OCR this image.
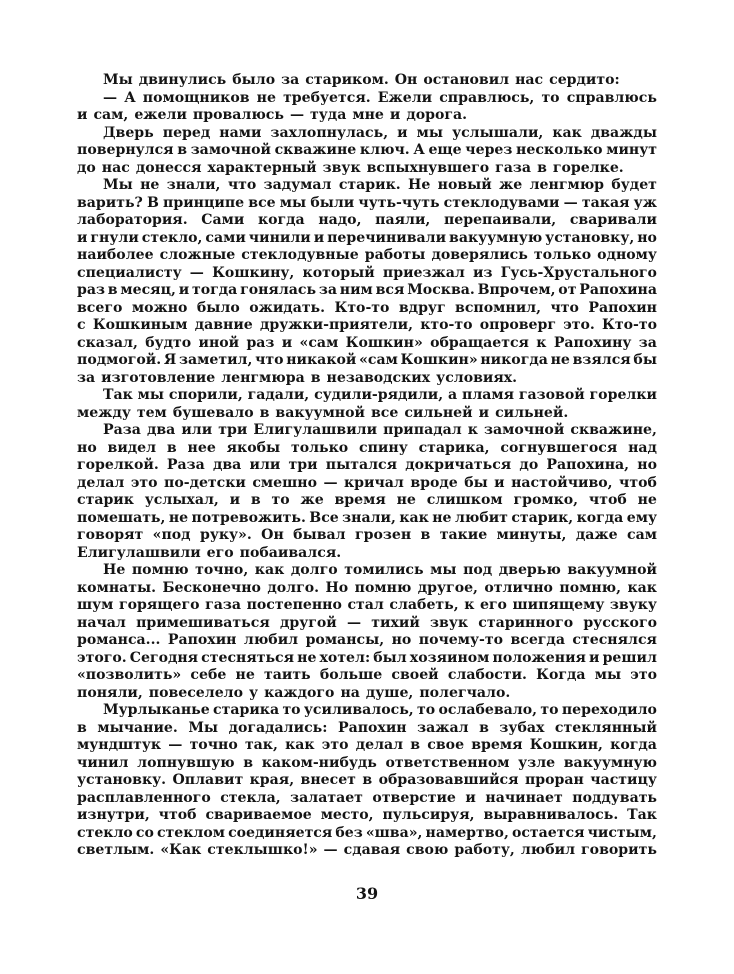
Мы двинулись было за стариком. Он остановил нас сердито:
— А помощников не требуется. Ежели справлюсь, то справлюсь
и сам, ежели провалюсь — туда мне и дорога.
Дверь перед нами захлопнулась, и мы услышали, как дважды
повернулся в замочной скважине ключ. А еще через несколько минут
до нас донесся характерный звук вспыхнувшего газа в горелке.
Мы не знали, что задумал старик. Не новый же ленгмюр будет
варить? В принципе все мы были чуть-чуть стеклодувами — такая уж
лаборатория. Сами когда надо, паяли, перепаивали, сваривали
и гнули стекло, сами чинили и перечинивали вакуумную установку, но
наиболее сложные стеклодувные работы доверялись только одному
специалисту — Кошкину, который приезжал из Гусь-Хрустального
раз в месяц, и тогда гонялась за ним вся Москва. Впрочем, от Рапохина
всего можно было ожидать. Кто-то вдруг вспомнил, что Рапохин
с Кошкиным давние дружки-приятели, кто-то опроверг это. Кто-то
сказал, будто иной раз и «сам Кошкин» обращается к Рапохину за
подмогой. Я заметил, что никакой «сам Кошкин» никогда не взялся бы
за изготовление ленгмюра в незаводских условиях.
Так мы спорили, гадали, судили-рядили, а пламя газовой горелки
между тем бушевало в вакуумной все сильней и сильней.
Раза два или три Елигулашвили припадал к замочной скважине,
но видел в нее якобы только спину старика, согнувшегося над
горелкой. Раза два или три пытался докричаться до Рапохина, но
делал это по-детски смешно — кричал вроде бы и настойчиво, чтоб
старик услыхал, и в то же время не слишком громко, чтоб не
помешать, не потревожить. Все знали, как не любит старик, когда ему
говорят «под руку». Он бывал грозен в такие минуты, даже сам
Елигулашвили его побаивался.
Не помню точно, как долго томились мы под дверью вакуумной
комнаты. Бесконечно долго. Но помню другое, отлично помню, как
шум горящего газа постепенно стал слабеть, к его шипящему звуку
начал примешиваться другой — тихий звук старинного русского
романса... Рапохин любил романсы, но почему-то всегда стеснялся
этого. Сегодня стесняться не хотел: был хозяином положения и решил
«позволить» себе не таить больше своей слабости. Когда мы это
поняли, повеселело у каждого на душе, полегчало.
Мурлыканье старика то усиливалось, то ослабевало, то переходило
в мычание. Мы догадались: Рапохин зажал в зубах стеклянный
мундштук — точно так, как это делал в свое время Кошкин, когда
чинил лопнувшую в каком-нибудь ответственном узле вакуумную
установку. Оплавит края, внесет в образовавшийся проран частицу
расплавленного стекла, залатает отверстие и начинает поддувать
изнутри, чтоб свариваемое место, пульсируя, выравнивалось. Так
стекло со стеклом соединяется без «шва», намертво, остается чистым,
светлым. «Как стеклышко!» — сдавая свою работу, любил говорить
39
